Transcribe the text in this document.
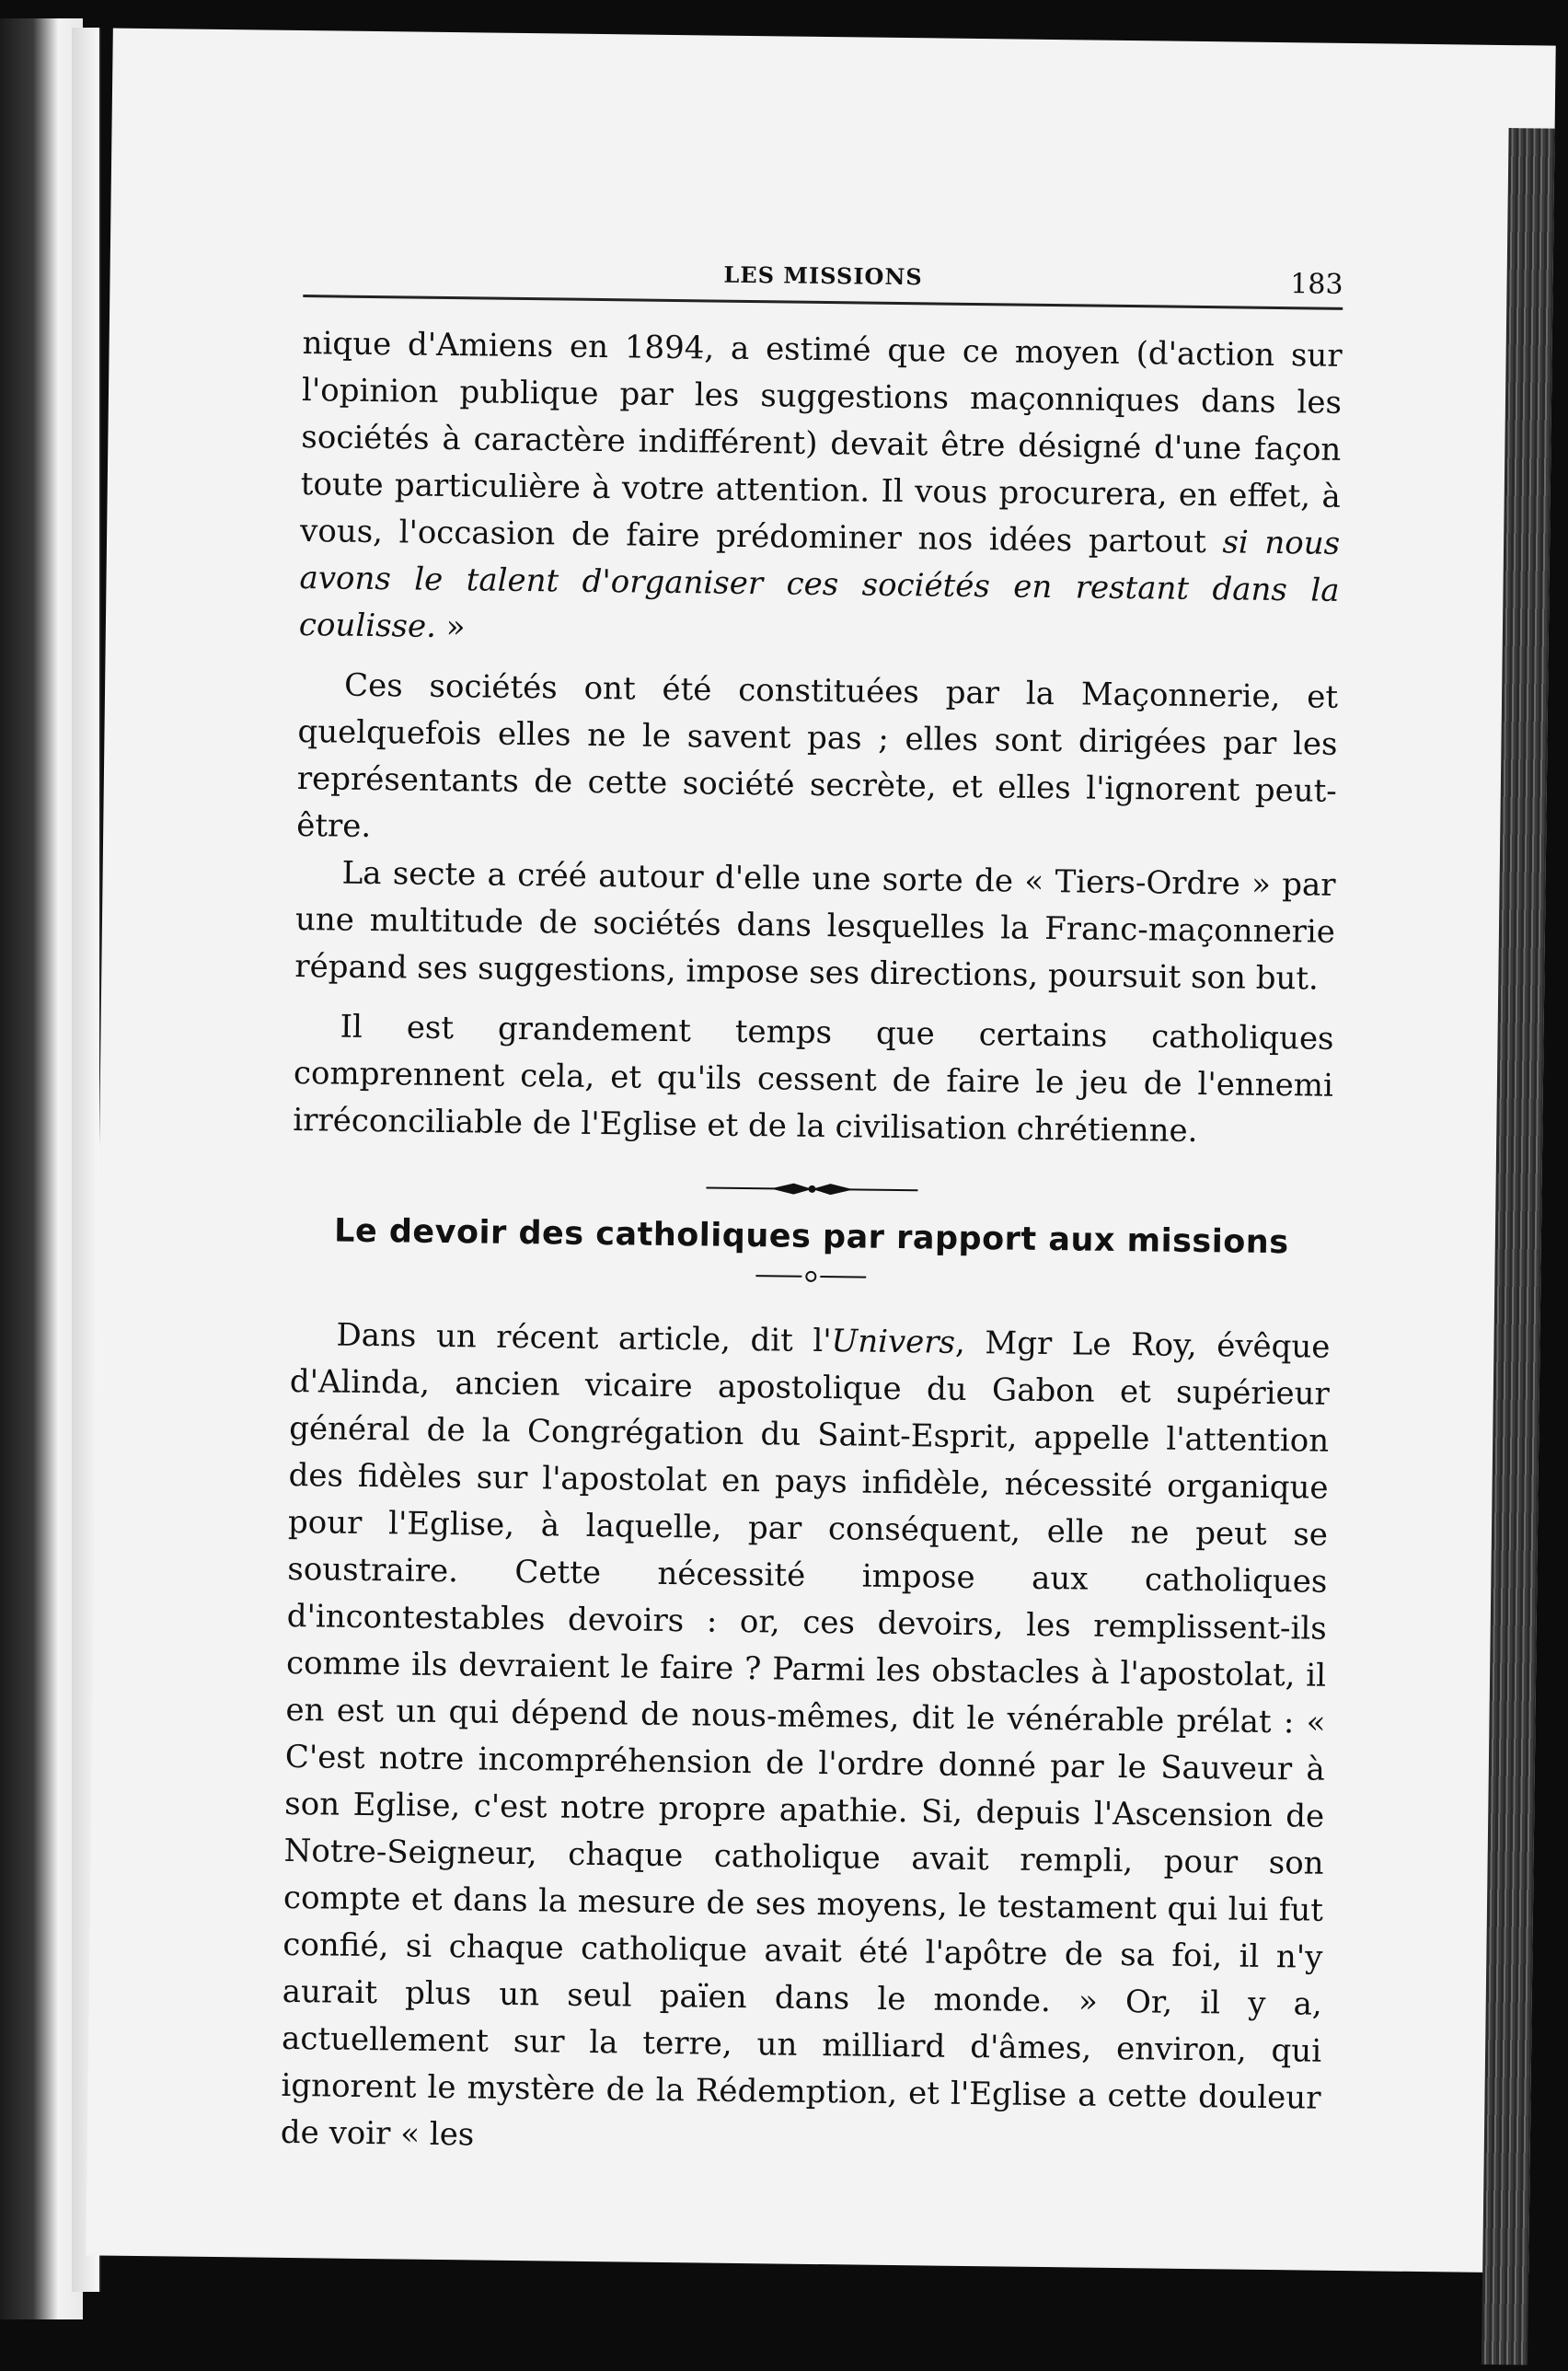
LES MISSIONS	183

nique d'Amiens en 1894, a estimé que ce moyen (d'action sur l'opinion publique par les suggestions maçonniques dans les sociétés à caractère indifférent) devait être désigné d'une façon toute particulière à votre attention. Il vous procurera, en effet, à vous, l'occasion de faire prédominer nos idées partout si nous avons le talent d'organiser ces sociétés en restant dans la coulisse. »

Ces sociétés ont été constituées par la Maçonnerie, et quelquefois elles ne le savent pas ; elles sont dirigées par les représentants de cette société secrète, et elles l'ignorent peut-être.

La secte a créé autour d'elle une sorte de « Tiers-Ordre » par une multitude de sociétés dans lesquelles la Franc-maçonnerie répand ses suggestions, impose ses directions, poursuit son but.

Il est grandement temps que certains catholiques comprennent cela, et qu'ils cessent de faire le jeu de l'ennemi irréconciliable de l'Eglise et de la civilisation chrétienne.

Le devoir des catholiques par rapport aux missions

Dans un récent article, dit l'Univers, Mgr Le Roy, évêque d'Alinda, ancien vicaire apostolique du Gabon et supérieur général de la Congrégation du Saint-Esprit, appelle l'attention des fidèles sur l'apostolat en pays infidèle, nécessité organique pour l'Eglise, à laquelle, par conséquent, elle ne peut se soustraire. Cette nécessité impose aux catholiques d'incontestables devoirs : or, ces devoirs, les remplissent-ils comme ils devraient le faire ? Parmi les obstacles à l'apostolat, il en est un qui dépend de nous-mêmes, dit le vénérable prélat : « C'est notre incompréhension de l'ordre donné par le Sauveur à son Eglise, c'est notre propre apathie. Si, depuis l'Ascension de Notre-Seigneur, chaque catholique avait rempli, pour son compte et dans la mesure de ses moyens, le testament qui lui fut confié, si chaque catholique avait été l'apôtre de sa foi, il n'y aurait plus un seul païen dans le monde. » Or, il y a, actuellement sur la terre, un milliard d'âmes, environ, qui ignorent le mystère de la Rédemption, et l'Eglise a cette douleur de voir « les
